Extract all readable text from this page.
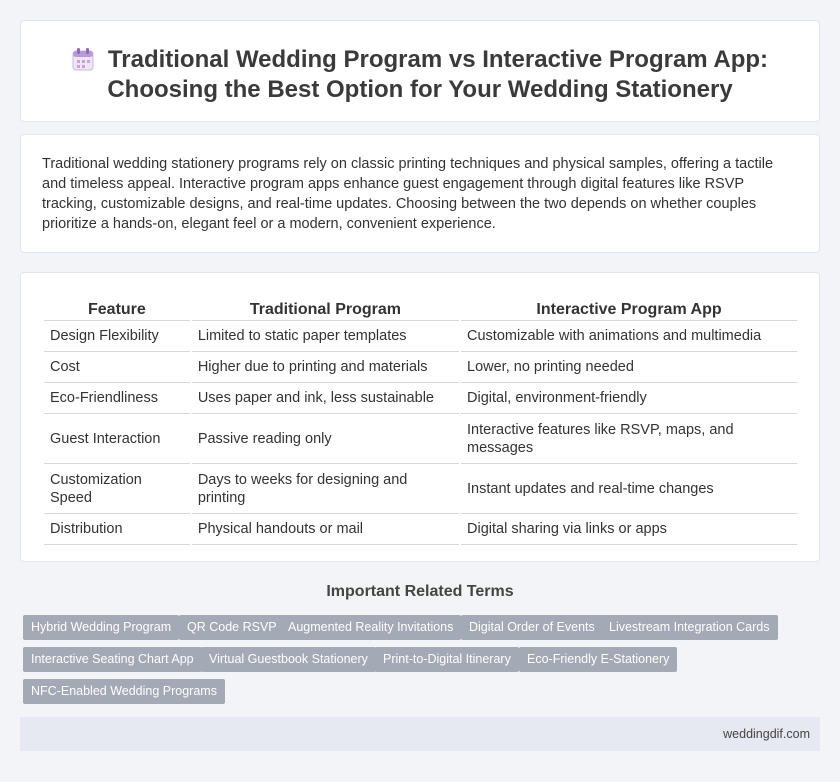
Traditional Wedding Program vs Interactive Program App: Choosing the Best Option for Your Wedding Stationery

Traditional wedding stationery programs rely on classic printing techniques and physical samples, offering a tactile and timeless appeal. Interactive program apps enhance guest engagement through digital features like RSVP tracking, customizable designs, and real-time updates. Choosing between the two depends on whether couples prioritize a hands-on, elegant feel or a modern, convenient experience.

Feature	Traditional Program	Interactive Program App
Design Flexibility	Limited to static paper templates	Customizable with animations and multimedia
Cost	Higher due to printing and materials	Lower, no printing needed
Eco-Friendliness	Uses paper and ink, less sustainable	Digital, environment-friendly
Guest Interaction	Passive reading only	Interactive features like RSVP, maps, and messages
Customization Speed	Days to weeks for designing and printing	Instant updates and real-time changes
Distribution	Physical handouts or mail	Digital sharing via links or apps
Important Related Terms
Hybrid Wedding Program	QR Code RSVP Augmented Reality Invitations	Digital Order of Events	Livestream Integration Cards
Interactive Seating Chart App	Virtual Guestbook Stationery	Print-to-Digital Itinerary	Eco-Friendly E-Stationery
NFC-Enabled Wedding Programs
weddingdif.com
